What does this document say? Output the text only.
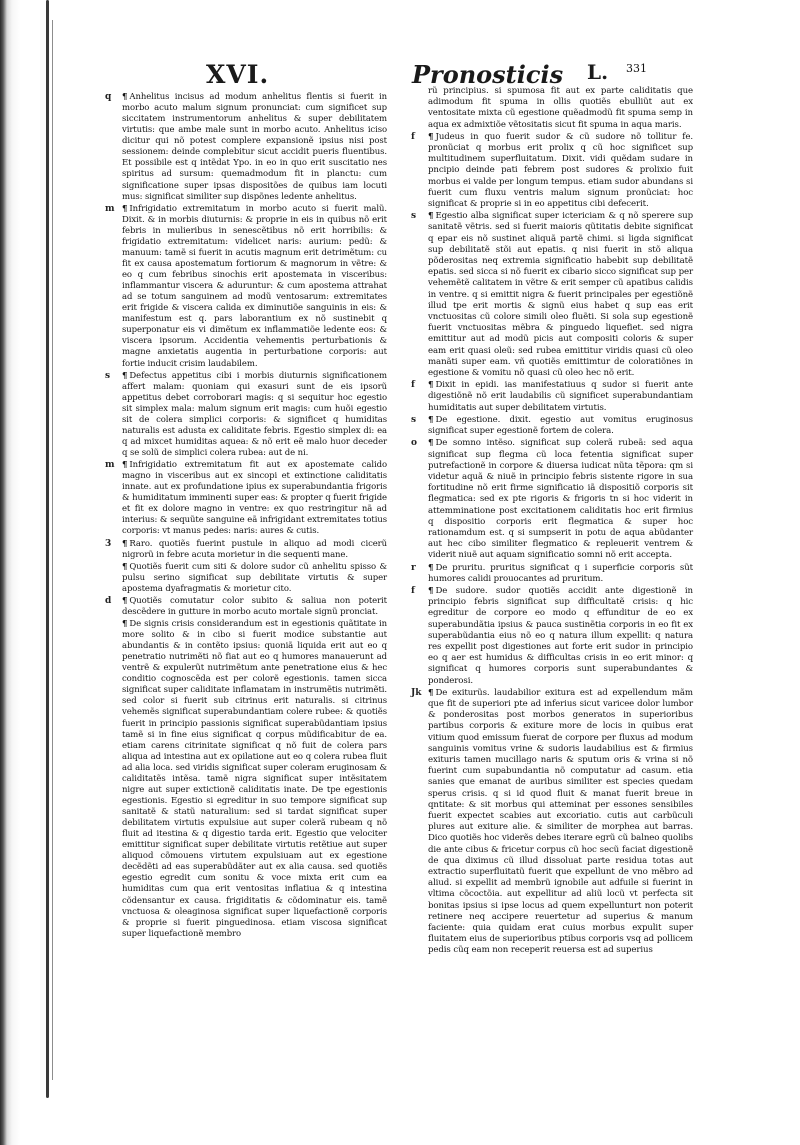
XVI.	Pronosticis L. 331

q ¶ Anhelitus incisus ad modum anhelitus flentis si fuerit in morbo acuto malum signum pronunciat: cum significet sup siccitatem instrumentorum anhelitus & super debilitatem virtutis: que ambe male sunt in morbo acuto. Anhelitus iciso dicitur qui nõ potest complere expansionẽ ipsius nisi post sessionem: deinde complebitur sicut accidit pueris fluentibus. Et possibile est q intẽdat Ypo. in eo in quo erit suscitatio nes spiritus ad sursum: quemadmodum fit in planctu: cum significatione super ipsas dispositões de quibus iam locuti mus: significat similiter sup dispõnes ledente anhelitus.

m ¶ Infrigidatio extremitatum in morbo acuto si fuerit malũ. Dixit. & in morbis diuturnis: & proprie in eis in quibus nõ erit febris in mulieribus in senescẽtibus nõ erit horribilis: & frigidatio extremitatum: videlicet naris: aurium: pedũ: & manuum: tamẽ si fuerit in acutis magnum erit detrimẽtum: cu fit ex causa apostematum fortiorum & magnorum in vẽtre: & eo q cum febribus sinochis erit apostemata in visceribus: inflammantur viscera & aduruntur: & cum apostema attrahat ad se totum sanguinem ad modũ ventosarum: extremitates erit frigide & viscera calida ex diminutiõe sanguinis in eis: & manifestum est q. pars laborantium ex nõ sustinebit q superponatur eis vi dimẽtum ex inflammatiõe ledente eos: & viscera ipsorum. Accidentia vehementis perturbationis & magne anxietatis augentia in perturbatione corporis: aut fortie inducit crisim laudabilem.

s ¶ Defectus appetitus cibi i morbis diuturnis significationem affert malam: quoniam qui exasuri sunt de eis ipsorũ appetitus debet corroborari magis: q si sequitur hoc egestio sit simplex mala: malum signum erit magis: cum huõi egestio sit de colera simplici corporis: & significet q humiditas naturalis est adusta ex caliditate febris. Egestio simplex di: ea q ad mixcet humiditas aquea: & nõ erit eẽ malo huor deceder q se solũ de simplici colera rubea: aut de ni.

m ¶ Infrigidatio extremitatum fit aut ex apostemate calido magno in visceribus aut ex sincopi et extinctione caliditatis innate. aut ex profundatione ipius ex superabundantia frigoris & humiditatum imminenti super eas: & propter q fuerit frigide et fit ex dolore magno in ventre: ex quo restringitur nã ad interius: & sequũte sanguine eã infrigidant extremitates totius corporis: vt manus pedes: naris: aures & cutis.

3 ¶ Raro. quotiẽs fuerint pustule in aliquo ad modi cicerũ nigrorũ in febre acuta morietur in die sequenti mane.

¶ Quotiẽs fuerit cum siti & dolore sudor cũ anhelitu spisso & pulsu serino significat sup debilitate virtutis & super apostema dyafragmatis & morietur cito.

d ¶ Quotiẽs comutatur color subito & saliua non poterit descẽdere in gutture in morbo acuto mortale signũ pronciat.

¶ De signis crisis considerandum est in egestionis quãtitate in more solito & in cibo si fuerit modice substantie aut abundantis & in contẽto ipsius: quoniã liquida erit aut eo q penetratio nutrimẽti nõ fiat aut eo q humores manauerunt ad ventrẽ & expulerũt nutrimẽtum ante penetratione eius & hec conditio cognoscẽda est per colorẽ egestionis. tamen sicca significat super caliditate inflamatam in instrumẽtis nutrimẽti. sed color si fuerit sub citrinus erit naturalis. si citrinus vehemẽs significat superabundantiam colere rubee: & quotiẽs fuerit in principio passionis significat superabũdantiam ipsius tamẽ si in fine eius significat q corpus mũdificabitur de ea. etiam carens citrinitate significat q nõ fuit de colera pars aliqua ad intestina aut ex opilatione aut eo q colera rubea fluit ad alia loca. sed viridis significat super coleram eruginosam & caliditatẽs intẽsa. tamẽ nigra significat super intẽsitatem nigre aut super extictionẽ caliditatis inate. De tpe egestionis egestionis. Egestio si egreditur in suo tempore significat sup sanitatẽ & statũ naturalium: sed si tardat significat super debilitatem virtutis expulsiue aut super colerã rubeam q nõ fluit ad itestina & q digestio tarda erit. Egestio que velociter emittitur significat super debilitate virtutis retẽtiue aut super aliquod cõmouens virtutem expulsiuam aut ex egestione decẽdẽti ad eas superabũdãter aut ex alia causa. sed quotiẽs egestio egredit cum sonitu & voce mixta erit cum ea humiditas cum qua erit ventositas inflatiua & q intestina cõdensantur ex causa. frigiditatis & cõdominatur eis. tamẽ vnctuosa & oleaginosa significat super liquefactionẽ corporis & proprie si fuerit pinguedinosa. etiam viscosa significat super liquefactionẽ membro

rũ principius. si spumosa fit aut ex parte caliditatis que adimodum fit spuma in ollis quotiẽs ebulliũt aut ex ventositate mixta cũ egestione quẽadmodũ fit spuma semp in aqua ex admixtiõe vẽtositatis sicut fit spuma in aqua maris.

f ¶ Judeus in quo fuerit sudor & cũ sudore nõ tollitur fe. pronũciat q morbus erit prolix q cũ hoc significet sup multitudinem superfluitatum. Dixit. vidi quẽdam sudare in pncipio deinde pati febrem post sudores & prolixio fuit morbus ei valde per longum tempus. etiam sudor abundans si fuerit cum fluxu ventris malum signum pronũciat: hoc significat & proprie si in eo appetitus cibi defecerit.

s ¶ Egestio alba significat super ictericiam & q nõ sperere sup sanitatẽ vẽtris. sed si fuerit maioris qũtitatis debite significat q epar eis nõ sustinet aliquã partẽ chimi. si ligda significat sup debilitatẽ stõi aut epatis. q nisi fuerit in stõ aliqua põderositas neq extremia significatio habebit sup debilitatẽ epatis. sed sicca si nõ fuerit ex cibario sicco significat sup per vehemẽtẽ calitatem in vẽtre & erit semper cũ apatibus calidis in ventre. q si emittit nigra & fuerit principales per egestiõnẽ illud tpe erit mortis & signũ eius habet q sup eas erit vnctuositas cũ colore simili oleo fluẽti. Si sola sup egestionẽ fuerit vnctuositas mẽbra & pinguedo liquefiet. sed nigra emittitur aut ad modũ picis aut compositi coloris & super eam erit quasi oleũ: sed rubea emittitur viridis quasi cũ oleo manãti super eam. vñ quotiẽs emittimtur de coloratiõnes in egestione & vomitu nõ quasi cũ oleo hec nõ erit.

f ¶ Dixit in epidi. ias manifestatiuus q sudor si fuerit ante digestiõnẽ nõ erit laudabilis cũ significet superabundantiam humiditatis aut super debilitatem virtutis.

s ¶ De egestione. dixit. egestio aut vomitus eruginosus significat super egestionẽ fortem de colera.

o ¶ De somno intẽso. significat sup colerã rubeã: sed aqua significat sup flegma cũ loca fetentia significat super putrefactionẽ in corpore & diuersa iudicat nũta tẽpora: qm si videtur aquã & niuẽ in principio febris sistente rigore in sua fortitudine nõ erit firme significatio iã dispositiõ corporis sit flegmatica: sed ex pte rigoris & frigoris tn si hoc viderit in attemminatione post excitationem caliditatis hoc erit firmius q dispositio corporis erit flegmatica & super hoc rationamdum est. q si sumpserit in potu de aqua abũdanter aut hec cibo similiter flegmatico & repleuerit ventrem & viderit niuẽ aut aquam significatio somni nõ erit accepta.

r ¶ De pruritu. pruritus significat q i superficie corporis sũt humores calidi prouocantes ad pruritum.

f ¶ De sudore. sudor quotiẽs accidit ante digestionẽ in principio febris significat sup difficultatẽ crisis: q hic egreditur de corpore eo modo q effunditur de eo ex superabundãtia ipsius & pauca sustinẽtia corporis in eo fit ex superabũdantia eius nõ eo q natura illum expellit: q natura res expellit post digestiones aut forte erit sudor in principio eo q aer est humidus & difficultas crisis in eo erit minor: q significat q humores corporis sunt superabundantes & ponderosi.

Jk ¶ De exiturũs. laudabilior exitura est ad expellendum mãm que fit de superiori pte ad inferius sicut varicee dolor lumbor & ponderositas post morbos generatos in superioribus partibus corporis & exiture more de locis in quibus erat vitium quod emissum fuerat de corpore per fluxus ad modum sanguinis vomitus vrine & sudoris laudabilius est & firmius exituris tamen mucillago naris & sputum oris & vrina si nõ fuerint cum supabundantia nõ computatur ad casum. etia sanies que emanat de auribus similiter est species quedam sperus crisis. q si id quod fluit & manat fuerit breue in qntitate: & sit morbus qui atteminat per essones sensibiles fuerit expectet scabies aut excoriatio. cutis aut carbũculi plures aut exiture alie. & similiter de morphea aut barras. Dico quotiẽs hoc viderẽs debes iterare egrũ cũ balneo quolibs die ante cibus & fricetur corpus cũ hoc secũ faciat digestionẽ de qua diximus cũ illud dissoluat parte residua totas aut extractio superfluitatũ fuerit que expellunt de vno mẽbro ad aliud. si expellit ad membrũ ignobile aut adfuile si fuerint in vltima cõcoctõia. aut expellitur ad aliũ locũ vt perfecta sit bonitas ipsius si ipse locus ad quem expellunturt non poterit retinere neq accipere reuertetur ad superius & manum faciente: quia quidam erat cuius morbus expulit super fluitatem eius de superioribus ptibus corporis vsq ad pollicem pedis cũq eam non receperit reuersa est ad superius
